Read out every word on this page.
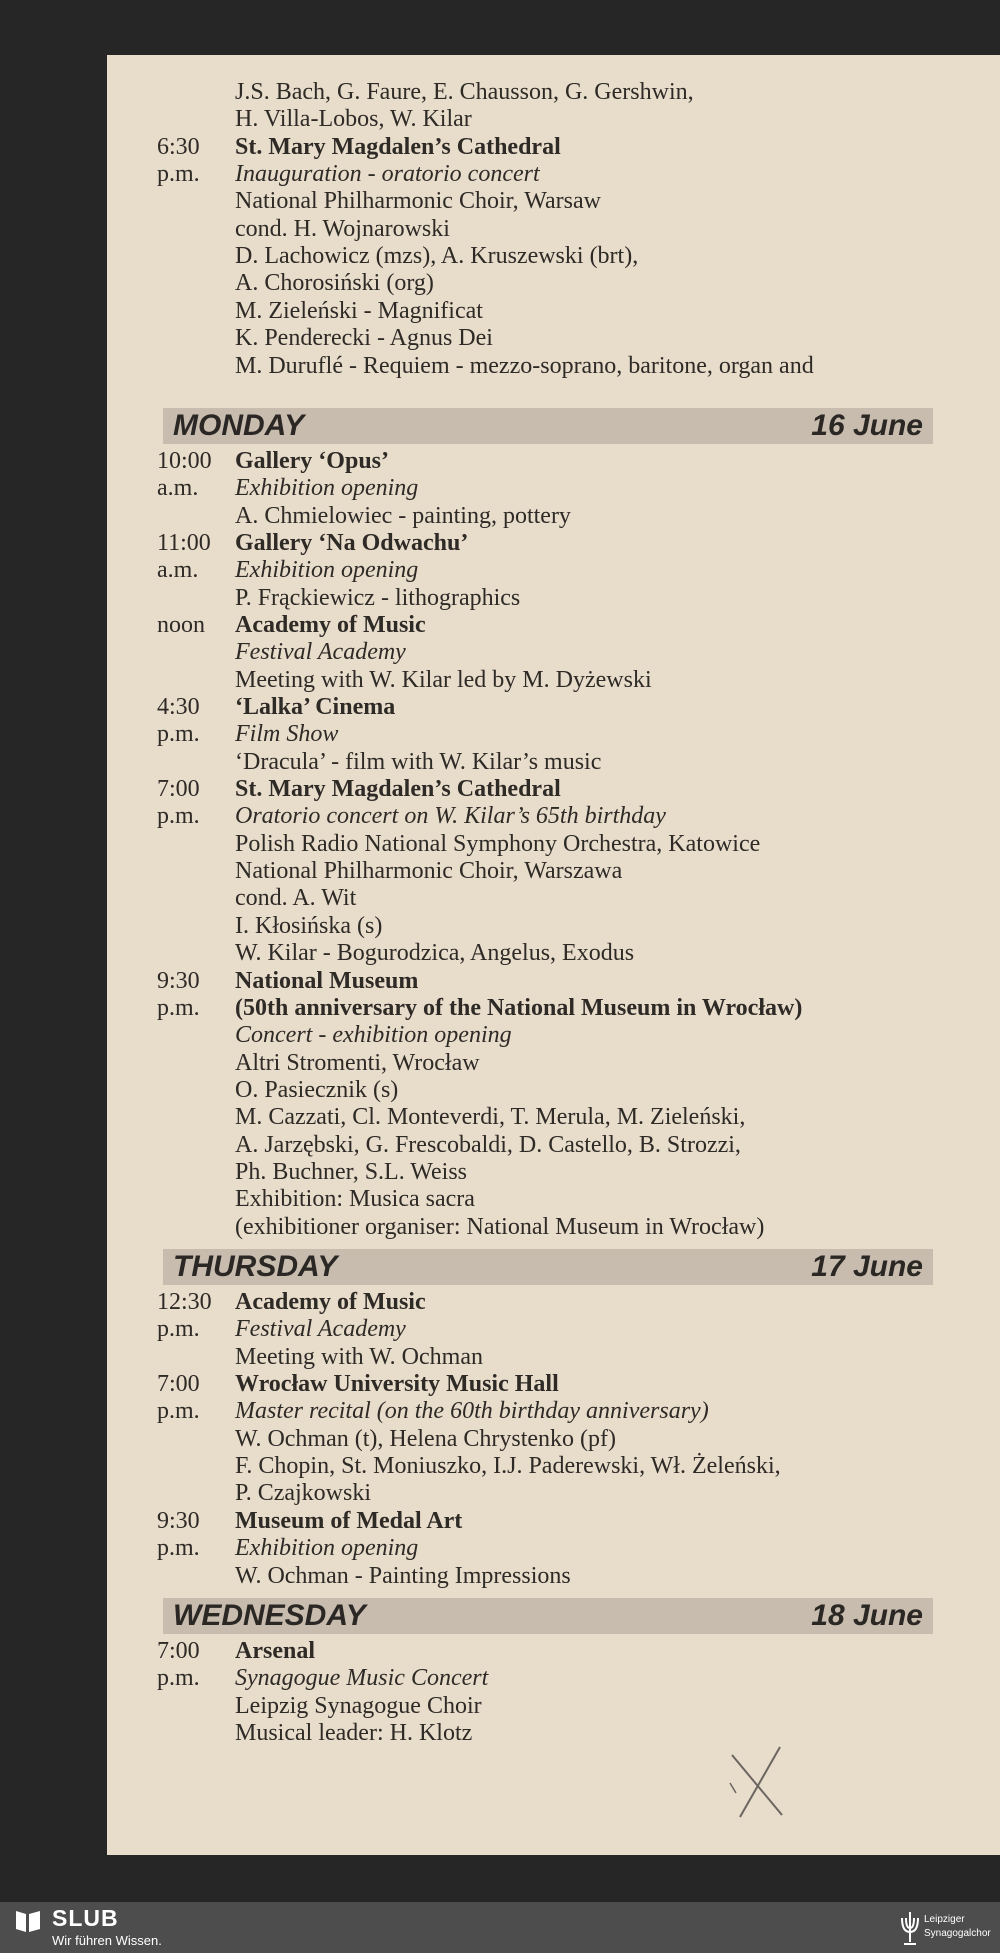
J.S. Bach, G. Faure, E. Chausson, G. Gershwin,
H. Villa-Lobos, W. Kilar
6:30 St. Mary Magdalen’s Cathedral
p.m. Inauguration - oratorio concert
National Philharmonic Choir, Warsaw
cond. H. Wojnarowski
D. Lachowicz (mzs), A. Kruszewski (brt),
A. Chorosiński (org)
M. Zieleński - Magnificat
K. Penderecki - Agnus Dei
M. Duruflé - Requiem - mezzo-soprano, baritone, organ and
MONDAY	16 June
10:00 Gallery ‘Opus’
a.m. Exhibition opening
A. Chmielowiec - painting, pottery
11:00 Gallery ‘Na Odwachu’
a.m. Exhibition opening
P. Frąckiewicz - lithographics
noon Academy of Music
Festival Academy
Meeting with W. Kilar led by M. Dyżewski
4:30 ‘Lalka’ Cinema
p.m. Film Show
‘Dracula’ - film with W. Kilar’s music
7:00 St. Mary Magdalen’s Cathedral
p.m. Oratorio concert on W. Kilar’s 65th birthday
Polish Radio National Symphony Orchestra, Katowice
National Philharmonic Choir, Warszawa
cond. A. Wit
I. Kłosińska (s)
W. Kilar - Bogurodzica, Angelus, Exodus
9:30 National Museum
p.m. (50th anniversary of the National Museum in Wrocław)
Concert - exhibition opening
Altri Stromenti, Wrocław
O. Pasiecznik (s)
M. Cazzati, Cl. Monteverdi, T. Merula, M. Zieleński,
A. Jarzębski, G. Frescobaldi, D. Castello, B. Strozzi,
Ph. Buchner, S.L. Weiss
Exhibition: Musica sacra
(exhibitioner organiser: National Museum in Wrocław)
THURSDAY	17 June
12:30 Academy of Music
p.m. Festival Academy
Meeting with W. Ochman
7:00 Wrocław University Music Hall
p.m. Master recital (on the 60th birthday anniversary)
W. Ochman (t), Helena Chrystenko (pf)
F. Chopin, St. Moniuszko, I.J. Paderewski, Wł. Żeleński,
P. Czajkowski
9:30 Museum of Medal Art
p.m. Exhibition opening
W. Ochman - Painting Impressions
WEDNESDAY	18 June
7:00 Arsenal
p.m. Synagogue Music Concert
Leipzig Synagogue Choir
Musical leader: H. Klotz
SLUB
Wir führen Wissen.
Leipziger
Synagogalchor
